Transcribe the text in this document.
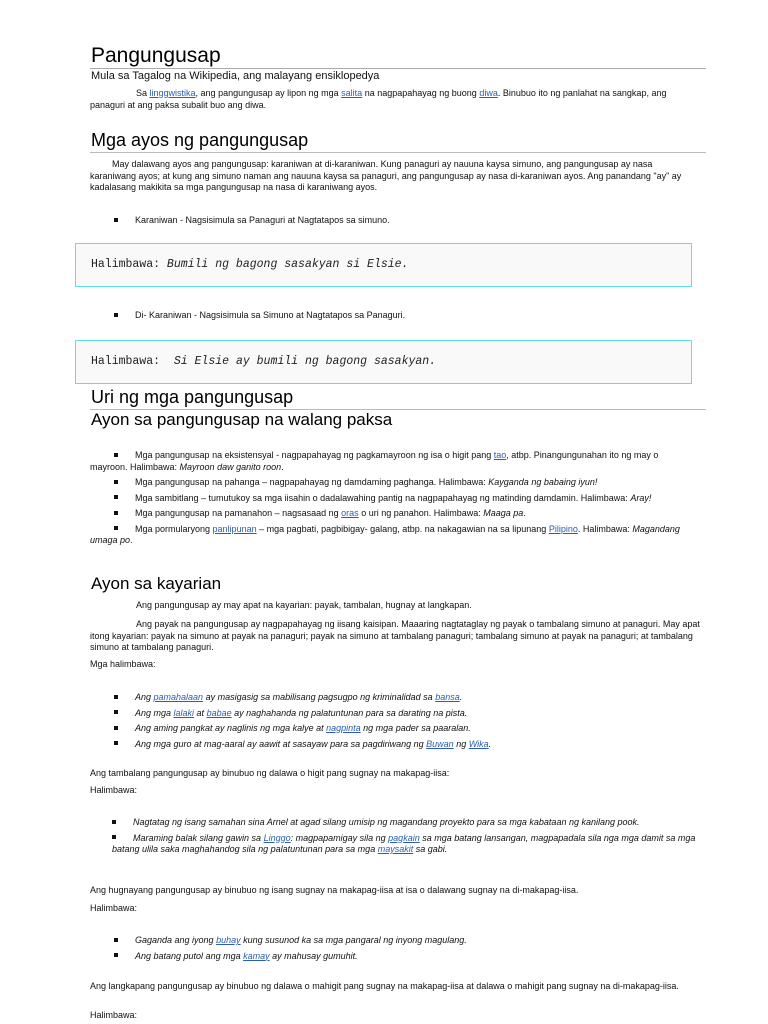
Pangungusap
Mula sa Tagalog na Wikipedia, ang malayang ensiklopedya
Sa linggwistika, ang pangungusap ay lipon ng mga salita na nagpapahayag ng buong diwa. Binubuo ito ng panlahat na sangkap, ang panaguri at ang paksa subalit buo ang diwa.
Mga ayos ng pangungusap
May dalawang ayos ang pangungusap: karaniwan at di-karaniwan. Kung panaguri ay nauuna kaysa simuno, ang pangungusap ay nasa karaniwang ayos; at kung ang simuno naman ang nauuna kaysa sa panaguri, ang pangungusap ay nasa di-karaniwan ayos. Ang panandang "ay" ay kadalasang makikita sa mga pangungusap na nasa di karaniwang ayos.
Karaniwan - Nagsisimula sa Panaguri at Nagtatapos sa simuno.
Halimbawa: Bumili ng bagong sasakyan si Elsie.
Di- Karaniwan - Nagsisimula sa Simuno at Nagtatapos sa Panaguri.
Halimbawa:  Si Elsie ay bumili ng bagong sasakyan.
Uri ng mga pangungusap
Ayon sa pangungusap na walang paksa
Mga pangungusap na eksistensyal - nagpapahayag ng pagkamayroon ng isa o higit pang tao, atbp. Pinangungunahan ito ng may o mayroon. Halimbawa: Mayroon daw ganito roon.
Mga pangungusap na pahanga – nagpapahayag ng damdaming paghanga. Halimbawa: Kayganda ng babaing iyun!
Mga sambitlang – tumutukoy sa mga iisahin o dadalawahing pantig na nagpapahayag ng matinding damdamin. Halimbawa: Aray!
Mga pangungusap na pamanahon – nagsasaad ng oras o uri ng panahon. Halimbawa: Maaga pa.
Mga pormularyong panlipunan – mga pagbati, pagbibigay- galang, atbp. na nakagawian na sa lipunang Pilipino. Halimbawa: Magandang umaga po.
Ayon sa kayarian
Ang pangungusap ay may apat na kayarian: payak, tambalan, hugnay at langkapan.
Ang payak na pangungusap ay nagpapahayag ng iisang kaisipan. Maaaring nagtataglay ng payak o tambalang simuno at panaguri. May apat itong kayarian: payak na simuno at payak na panaguri; payak na simuno at tambalang panaguri; tambalang simuno at payak na panaguri; at tambalang simuno at tambalang panaguri.
Mga halimbawa:
Ang pamahalaan ay masigasig sa mabilisang pagsugpo ng kriminalidad sa bansa.
Ang mga lalaki at babae ay naghahanda ng palatuntunan para sa darating na pista.
Ang aming pangkat ay naglinis ng mga kalye at nagpinta ng mga pader sa paaralan.
Ang mga guro at mag-aaral ay aawit at sasayaw para sa pagdiriwang ng Buwan ng Wika.
Ang tambalang pangungusap ay binubuo ng dalawa o higit pang sugnay na makapag-iisa:
Halimbawa:
Nagtatag ng isang samahan sina Arnel at agad silang umisip ng magandang proyekto para sa mga kabataan ng kanilang pook.
Maraming balak silang gawin sa Linggo: magpapamigay sila ng pagkain sa mga batang lansangan, magpapadala sila nga mga damit sa mga batang ulila saka maghahandog sila ng palatuntunan para sa mga maysakit sa gabi.
Ang hugnayang pangungusap ay binubuo ng isang sugnay na makapag-iisa at isa o dalawang sugnay na di-makapag-iisa.
Halimbawa:
Gaganda ang iyong buhay kung susunod ka sa mga pangaral ng inyong magulang.
Ang batang putol ang mga kamay ay mahusay gumuhit.
Ang langkapang pangungusap ay binubuo ng dalawa o mahigit pang sugnay na makapag-iisa at dalawa o mahigit pang sugnay na di-makapag-iisa.
Halimbawa:
